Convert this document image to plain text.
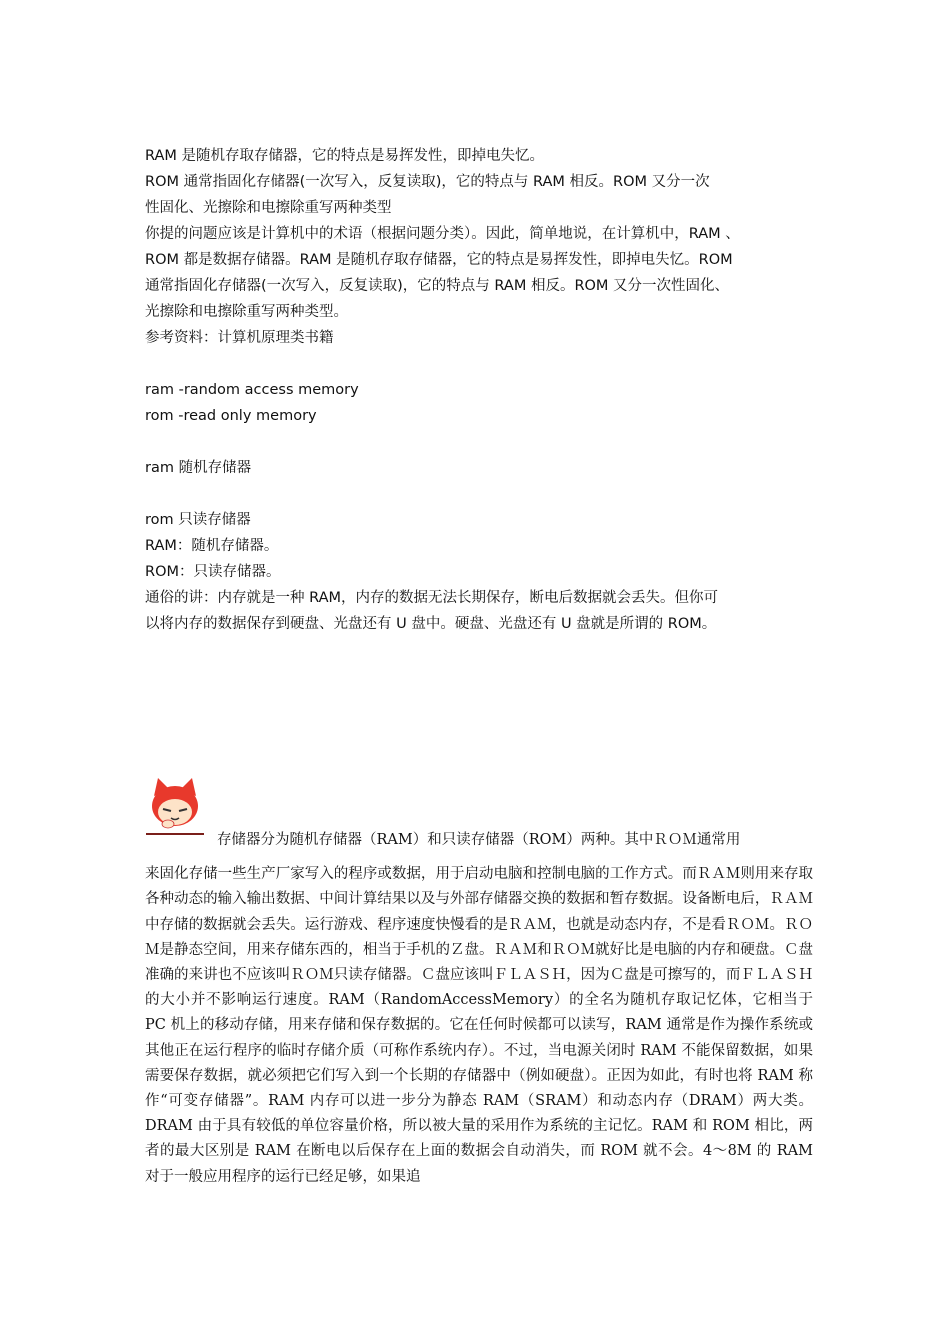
RAM 是随机存取存储器，它的特点是易挥发性，即掉电失忆。

ROM 通常指固化存储器(一次写入，反复读取)，它的特点与 RAM 相反。ROM 又分一次

性固化、光擦除和电擦除重写两种类型

你提的问题应该是计算机中的术语（根据问题分类）。因此，简单地说，在计算机中，RAM 、

ROM 都是数据存储器。RAM 是随机存取存储器，它的特点是易挥发性，即掉电失忆。ROM

通常指固化存储器(一次写入，反复读取)，它的特点与 RAM 相反。ROM 又分一次性固化、

光擦除和电擦除重写两种类型。

参考资料：计算机原理类书籍

ram -random access memory

rom -read only memory

ram 随机存储器

rom 只读存储器

RAM：随机存储器。

ROM：只读存储器。

通俗的讲：内存就是一种 RAM，内存的数据无法长期保存，断电后数据就会丢失。但你可

以将内存的数据保存到硬盘、光盘还有 U 盘中。硬盘、光盘还有 U 盘就是所谓的 ROM。

存储器分为随机存储器（RAM）和只读存储器（ROM）两种。其中ＲＯＭ通常用

来固化存储一些生产厂家写入的程序或数据，用于启动电脑和控制电脑的工作方式。而ＲＡＭ则用来存取各种动态的输入输出数据、中间计算结果以及与外部存储器交换的数据和暂存数据。设备断电后，ＲＡＭ中存储的数据就会丢失。运行游戏、程序速度快慢看的是ＲＡＭ，也就是动态内存，不是看ＲＯＭ。ＲＯＭ是静态空间，用来存储东西的，相当于手机的Ｚ盘。ＲＡＭ和ＲＯＭ就好比是电脑的内存和硬盘。Ｃ盘准确的来讲也不应该叫ＲＯＭ只读存储器。Ｃ盘应该叫ＦＬＡＳＨ，因为Ｃ盘是可擦写的，而ＦＬＡＳＨ的大小并不影响运行速度。RAM（RandomAccessMemory）的全名为随机存取记忆体，它相当于 PC 机上的移动存储，用来存储和保存数据的。它在任何时候都可以读写，RAM 通常是作为操作系统或其他正在运行程序的临时存储介质（可称作系统内存）。不过，当电源关闭时 RAM 不能保留数据，如果需要保存数据，就必须把它们写入到一个长期的存储器中（例如硬盘）。正因为如此，有时也将 RAM 称作“可变存储器”。RAM 内存可以进一步分为静态 RAM（SRAM）和动态内存（DRAM）两大类。DRAM 由于具有较低的单位容量价格，所以被大量的采用作为系统的主记忆。RAM 和 ROM 相比，两者的最大区别是 RAM 在断电以后保存在上面的数据会自动消失，而 ROM 就不会。4～8M 的 RAM 对于一般应用程序的运行已经足够，如果追
